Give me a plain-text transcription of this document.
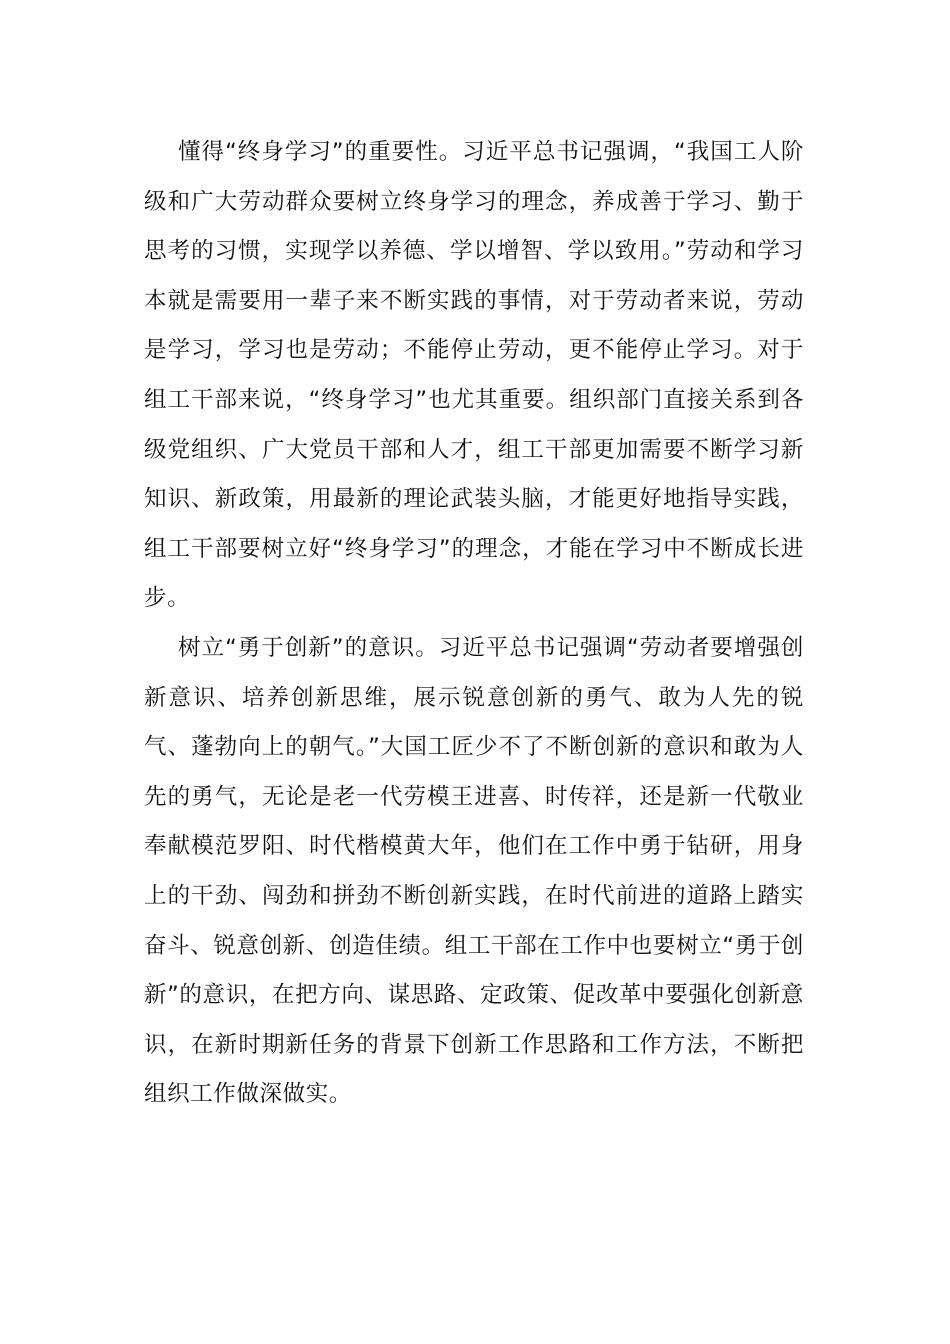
懂得“终身学习”的重要性。习近平总书记强调，“我国工人阶级和广大劳动群众要树立终身学习的理念，养成善于学习、勤于思考的习惯，实现学以养德、学以增智、学以致用。”劳动和学习本就是需要用一辈子来不断实践的事情，对于劳动者来说，劳动是学习，学习也是劳动；不能停止劳动，更不能停止学习。对于组工干部来说，“终身学习”也尤其重要。组织部门直接关系到各级党组织、广大党员干部和人才，组工干部更加需要不断学习新知识、新政策，用最新的理论武装头脑，才能更好地指导实践，组工干部要树立好“终身学习”的理念，才能在学习中不断成长进步。

树立“勇于创新”的意识。习近平总书记强调“劳动者要增强创新意识、培养创新思维，展示锐意创新的勇气、敢为人先的锐气、蓬勃向上的朝气。”大国工匠少不了不断创新的意识和敢为人先的勇气，无论是老一代劳模王进喜、时传祥，还是新一代敬业奉献模范罗阳、时代楷模黄大年，他们在工作中勇于钻研，用身上的干劲、闯劲和拼劲不断创新实践，在时代前进的道路上踏实奋斗、锐意创新、创造佳绩。组工干部在工作中也要树立“勇于创新”的意识，在把方向、谋思路、定政策、促改革中要强化创新意识，在新时期新任务的背景下创新工作思路和工作方法，不断把组织工作做深做实。
